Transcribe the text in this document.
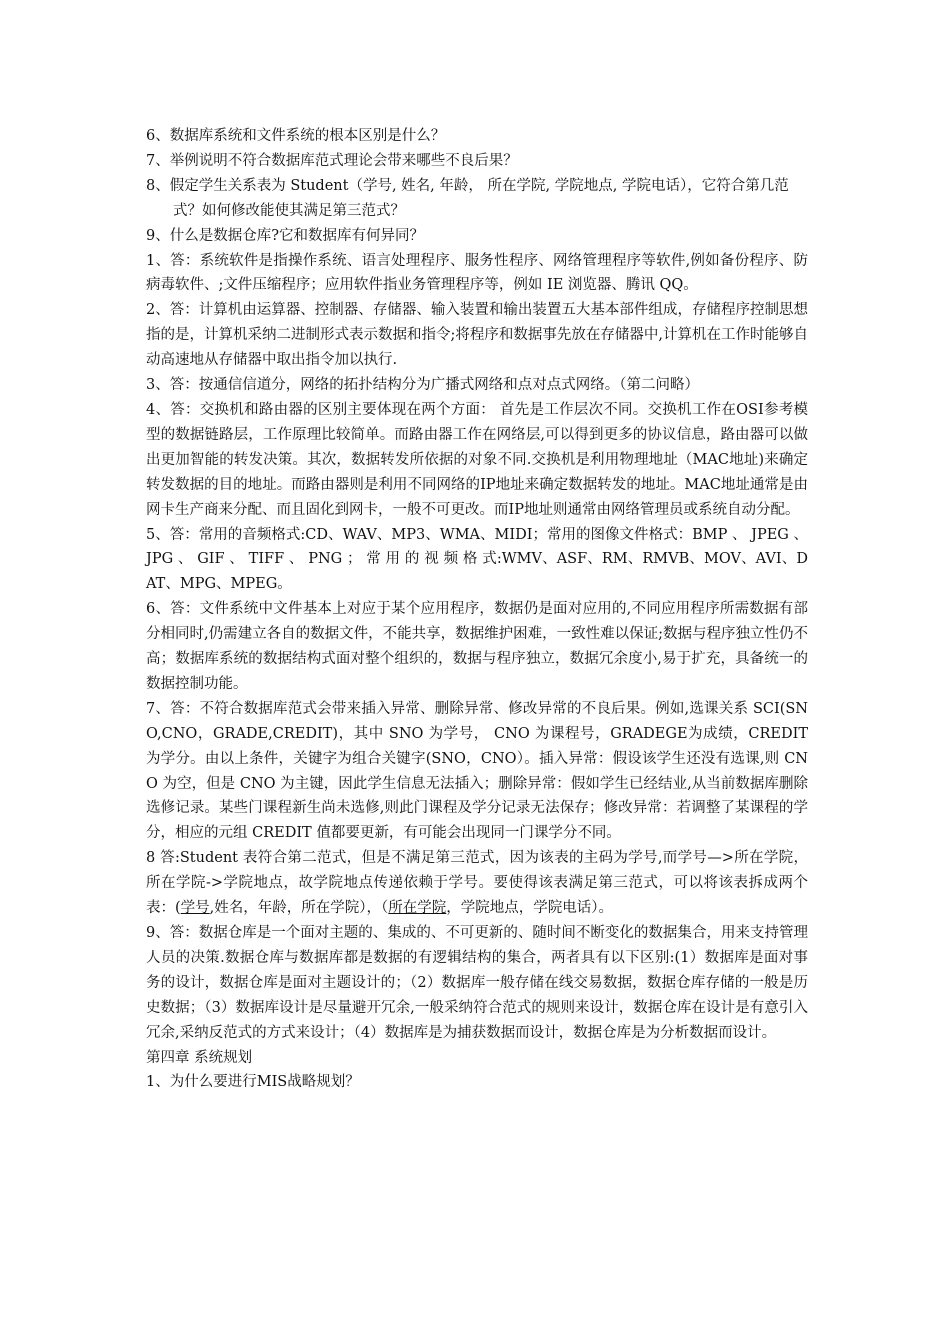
6、数据库系统和文件系统的根本区别是什么？

7、举例说明不符合数据库范式理论会带来哪些不良后果？

8、假定学生关系表为 Student（学号, 姓名, 年龄， 所在学院, 学院地点, 学院电话），它符合第几范式？如何修改能使其满足第三范式？

9、什么是数据仓库?它和数据库有何异同？

1、答：系统软件是指操作系统、语言处理程序、服务性程序、网络管理程序等软件,例如备份程序、防病毒软件、;文件压缩程序；应用软件指业务管理程序等，例如 IE 浏览器、腾讯 QQ。

2、答：计算机由运算器、控制器、存储器、输入装置和输出装置五大基本部件组成，存储程序控制思想指的是，计算机采纳二进制形式表示数据和指令;将程序和数据事先放在存储器中,计算机在工作时能够自动高速地从存储器中取出指令加以执行.

3、答：按通信信道分，网络的拓扑结构分为广播式网络和点对点式网络。（第二问略）

4、答：交换机和路由器的区别主要体现在两个方面： 首先是工作层次不同。交换机工作在OSI参考模型的数据链路层，工作原理比较简单。而路由器工作在网络层,可以得到更多的协议信息，路由器可以做出更加智能的转发决策。其次，数据转发所依据的对象不同.交换机是利用物理地址（MAC地址)来确定转发数据的目的地址。而路由器则是利用不同网络的IP地址来确定数据转发的地址。MAC地址通常是由网卡生产商来分配、而且固化到网卡，一般不可更改。而IP地址则通常由网络管理员或系统自动分配。

5、答：常用的音频格式:CD、WAV、MP3、WMA、MIDI；常用的图像文件格式：BMP 、 JPEG 、 JPG 、 GIF 、 TIFF 、 PNG ； 常 用 的 视 频 格 式:WMV、ASF、RM、RMVB、MOV、AVI、DAT、MPG、MPEG。

6、答：文件系统中文件基本上对应于某个应用程序，数据仍是面对应用的,不同应用程序所需数据有部分相同时,仍需建立各自的数据文件，不能共享，数据维护困难，一致性难以保证;数据与程序独立性仍不高；数据库系统的数据结构式面对整个组织的，数据与程序独立，数据冗余度小,易于扩充，具备统一的数据控制功能。

7、答：不符合数据库范式会带来插入异常、删除异常、修改异常的不良后果。例如,选课关系 SCI(SNO,CNO，GRADE,CREDIT)，其中 SNO 为学号， CNO 为课程号，GRADEGE为成绩，CREDIT 为学分。由以上条件，关键字为组合关键字(SNO，CNO）。插入异常：假设该学生还没有选课,则 CNO 为空，但是 CNO 为主键，因此学生信息无法插入；删除异常：假如学生已经结业,从当前数据库删除选修记录。某些门课程新生尚未选修,则此门课程及学分记录无法保存；修改异常：若调整了某课程的学分，相应的元组 CREDIT 值都要更新，有可能会出现同一门课学分不同。

8 答:Student 表符合第二范式，但是不满足第三范式，因为该表的主码为学号,而学号—>所在学院，所在学院->学院地点，故学院地点传递依赖于学号。要使得该表满足第三范式，可以将该表拆成两个表：(学号,姓名，年龄，所在学院），（所在学院，学院地点，学院电话）。

9、答：数据仓库是一个面对主题的、集成的、不可更新的、随时间不断变化的数据集合，用来支持管理人员的决策.数据仓库与数据库都是数据的有逻辑结构的集合，两者具有以下区别:(1）数据库是面对事务的设计，数据仓库是面对主题设计的；（2）数据库一般存储在线交易数据，数据仓库存储的一般是历史数据；（3）数据库设计是尽量避开冗余,一般采纳符合范式的规则来设计，数据仓库在设计是有意引入冗余,采纳反范式的方式来设计；（4）数据库是为捕获数据而设计，数据仓库是为分析数据而设计。

第四章 系统规划

1、为什么要进行MIS战略规划？
